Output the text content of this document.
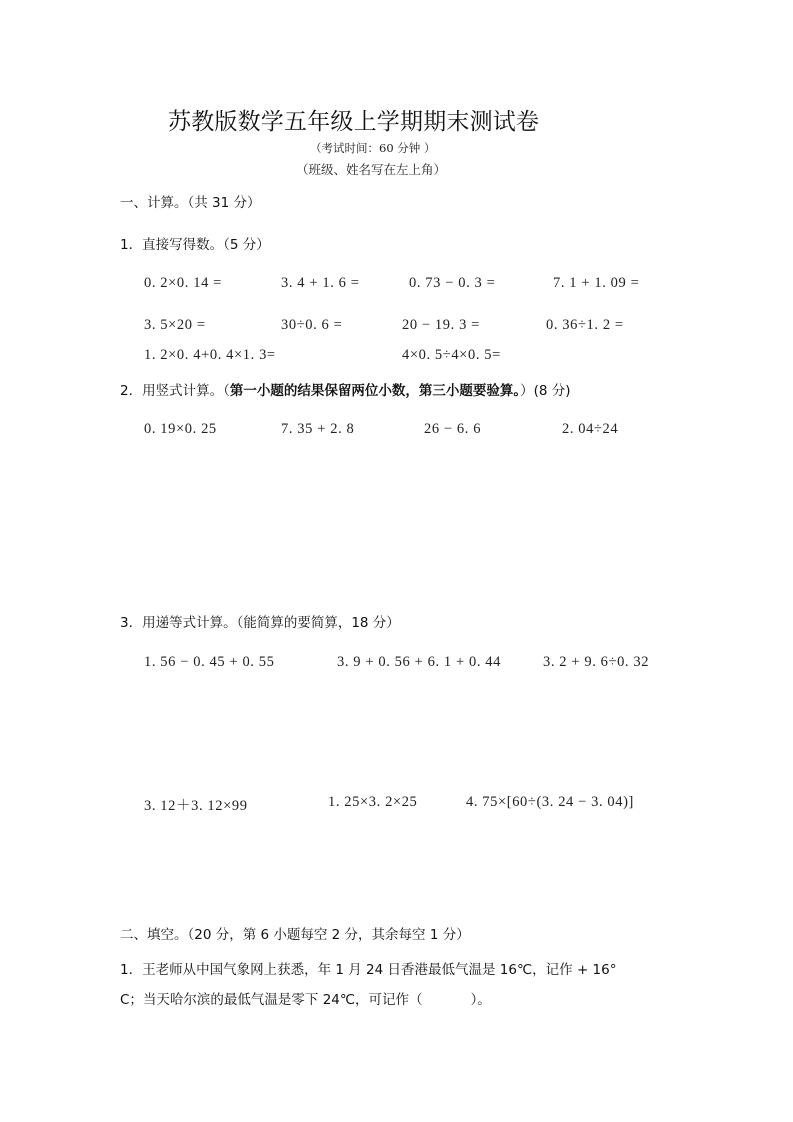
苏教版数学五年级上学期期末测试卷
（考试时间：60 分钟 ）
（班级、姓名写在左上角）
一、计算。（共 31 分）
1．直接写得数。（5 分）
0. 2×0. 14 =	3. 4 + 1. 6 =	0. 73 − 0. 3 =	7. 1 + 1. 09 =
3. 5×20 =	30÷0. 6 =	20 − 19. 3 =	0. 36÷1. 2 =
1. 2×0. 4+0. 4×1. 3=	4×0. 5÷4×0. 5=
2．用竖式计算。（第一小题的结果保留两位小数，第三小题要验算。）(8 分)
0. 19×0. 25	7. 35 + 2. 8	26 − 6. 6	2. 04÷24
3．用递等式计算。（能简算的要简算，18 分）
1. 56 − 0. 45 + 0. 55	3. 9 + 0. 56 + 6. 1 + 0. 44	3. 2 + 9. 6÷0. 32
3. 12＋3. 12×99	1. 25×3. 2×25	4. 75×[60÷(3. 24 − 3. 04)]
二、填空。（20 分，第 6 小题每空 2 分，其余每空 1 分）
1．王老师从中国气象网上获悉，年 1 月 24 日香港最低气温是 16℃，记作 + 16°
C；当天哈尔滨的最低气温是零下 24℃，可记作（	）。
